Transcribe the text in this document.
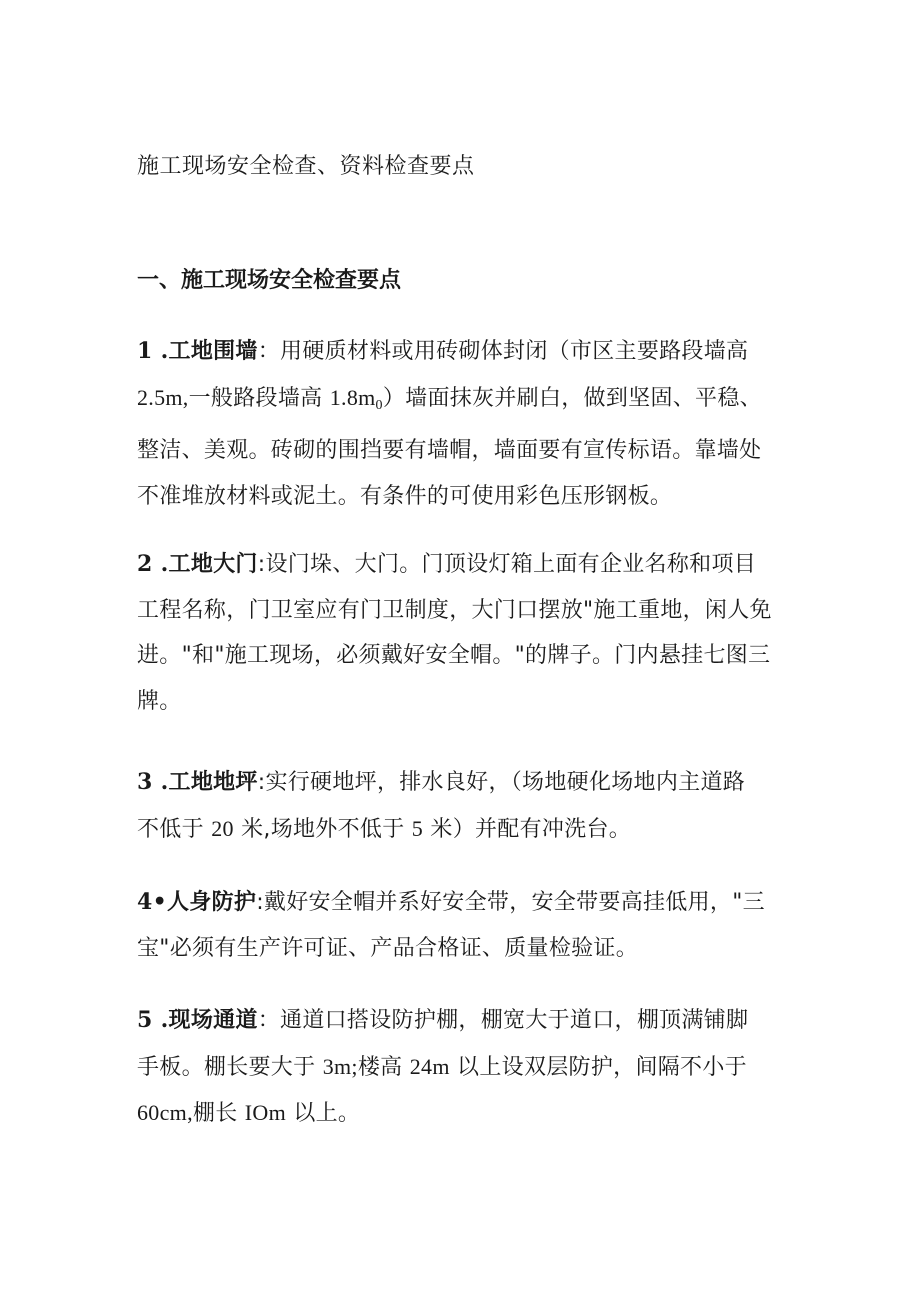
施工现场安全检查、资料检查要点
一、施工现场安全检查要点
1 .工地围墙：用硬质材料或用砖砌体封闭（市区主要路段墙高
2.5m,一般路段墙高 $1.8m_0$）墙面抹灰并刷白，做到坚固、平稳、
整洁、美观。砖砌的围挡要有墙帽，墙面要有宣传标语。靠墙处
不准堆放材料或泥土。有条件的可使用彩色压形钢板。
2 .工地大门:设门垛、大门。门顶设灯箱上面有企业名称和项目
工程名称，门卫室应有门卫制度，大门口摆放"施工重地，闲人免
进。"和"施工现场，必须戴好安全帽。"的牌子。门内悬挂七图三
牌。
3 .工地地坪:实行硬地坪，排水良好，（场地硬化场地内主道路
不低于 20 米,场地外不低于 5 米）并配有冲洗台。
4•人身防护:戴好安全帽并系好安全带，安全带要高挂低用，"三
宝"必须有生产许可证、产品合格证、质量检验证。
5 .现场通道：通道口搭设防护棚，棚宽大于道口，棚顶满铺脚
手板。棚长要大于 3m;楼高 24m 以上设双层防护，间隔不小于
60cm,棚长 IOm 以上。
